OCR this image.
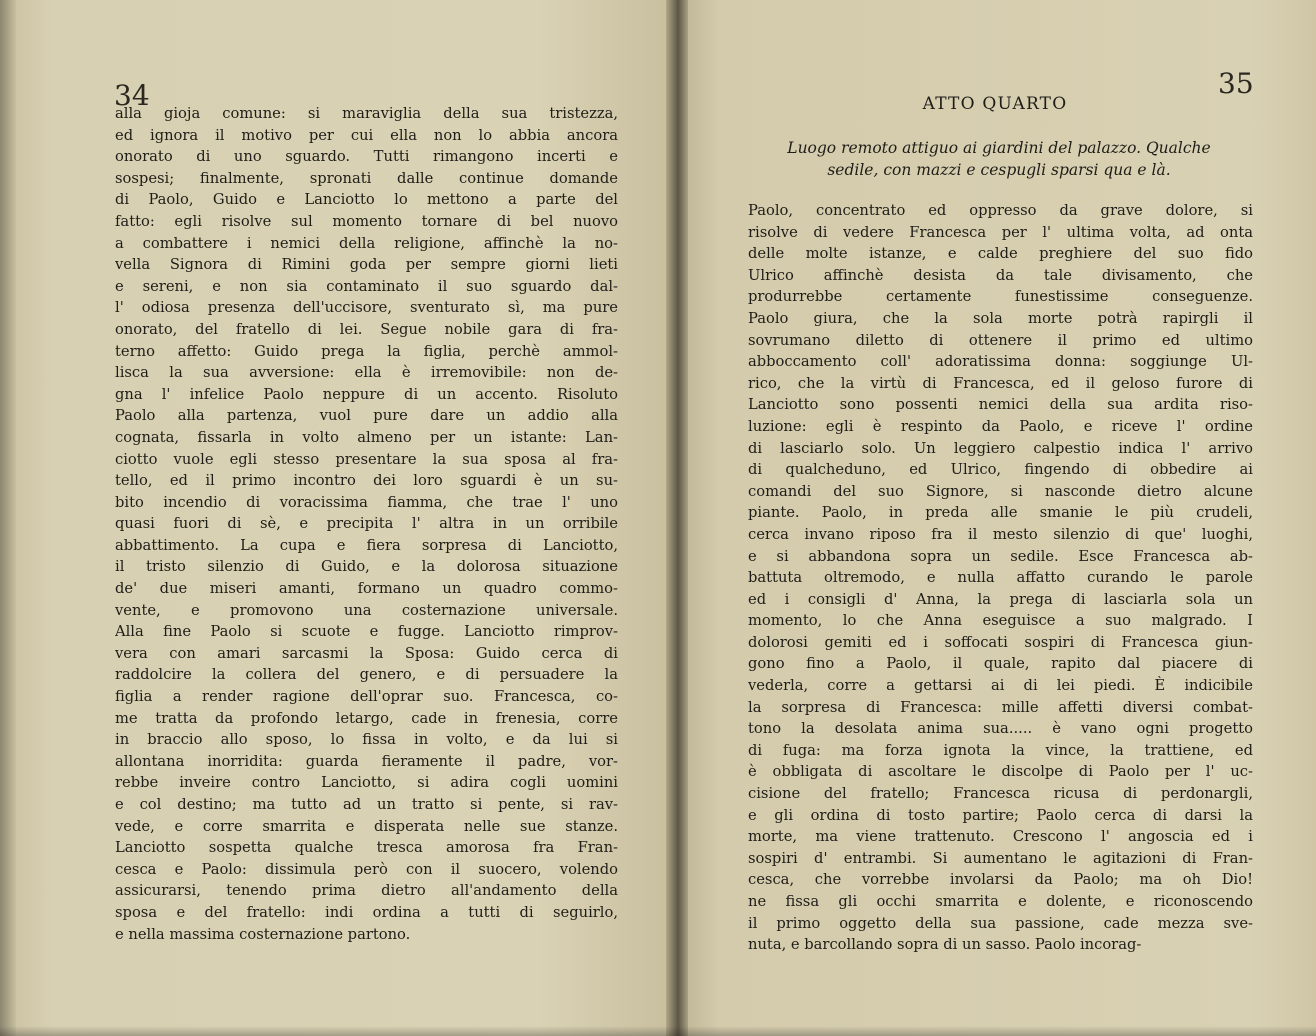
34
alla gioja comune: si maraviglia della sua tristezza,
ed ignora il motivo per cui ella non lo abbia ancora
onorato di uno sguardo. Tutti rimangono incerti e
sospesi; finalmente, spronati dalle continue domande
di Paolo, Guido e Lanciotto lo mettono a parte del
fatto: egli risolve sul momento tornare di bel nuovo
a combattere i nemici della religione, affinchè la no-
vella Signora di Rimini goda per sempre giorni lieti
e sereni, e non sia contaminato il suo sguardo dal-
l' odiosa presenza dell'uccisore, sventurato sì, ma pure
onorato, del fratello di lei. Segue nobile gara di fra-
terno affetto: Guido prega la figlia, perchè ammol-
lisca la sua avversione: ella è irremovibile: non de-
gna l' infelice Paolo neppure di un accento. Risoluto
Paolo alla partenza, vuol pure dare un addio alla
cognata, fissarla in volto almeno per un istante: Lan-
ciotto vuole egli stesso presentare la sua sposa al fra-
tello, ed il primo incontro dei loro sguardi è un su-
bito incendio di voracissima fiamma, che trae l' uno
quasi fuori di sè, e precipita l' altra in un orribile
abbattimento. La cupa e fiera sorpresa di Lanciotto,
il tristo silenzio di Guido, e la dolorosa situazione
de' due miseri amanti, formano un quadro commo-
vente, e promovono una costernazione universale.
Alla fine Paolo si scuote e fugge. Lanciotto rimprov-
vera con amari sarcasmi la Sposa: Guido cerca di
raddolcire la collera del genero, e di persuadere la
figlia a render ragione dell'oprar suo. Francesca, co-
me tratta da profondo letargo, cade in frenesia, corre
in braccio allo sposo, lo fissa in volto, e da lui si
allontana inorridita: guarda fieramente il padre, vor-
rebbe inveire contro Lanciotto, si adira cogli uomini
e col destino; ma tutto ad un tratto si pente, si rav-
vede, e corre smarrita e disperata nelle sue stanze.
Lanciotto sospetta qualche tresca amorosa fra Fran-
cesca e Paolo: dissimula però con il suocero, volendo
assicurarsi, tenendo prima dietro all'andamento della
sposa e del fratello: indi ordina a tutti di seguirlo,
e nella massima costernazione partono.
35
ATTO QUARTO
Luogo remoto attiguo ai giardini del palazzo. Qualche
sedile, con mazzi e cespugli sparsi qua e là.
Paolo, concentrato ed oppresso da grave dolore, si
risolve di vedere Francesca per l' ultima volta, ad onta
delle molte istanze, e calde preghiere del suo fido
Ulrico affinchè desista da tale divisamento, che
produrrebbe certamente funestissime conseguenze.
Paolo giura, che la sola morte potrà rapirgli il
sovrumano diletto di ottenere il primo ed ultimo
abboccamento coll' adoratissima donna: soggiunge Ul-
rico, che la virtù di Francesca, ed il geloso furore di
Lanciotto sono possenti nemici della sua ardita riso-
luzione: egli è respinto da Paolo, e riceve l' ordine
di lasciarlo solo. Un leggiero calpestio indica l' arrivo
di qualcheduno, ed Ulrico, fingendo di obbedire ai
comandi del suo Signore, si nasconde dietro alcune
piante. Paolo, in preda alle smanie le più crudeli,
cerca invano riposo fra il mesto silenzio di que' luoghi,
e si abbandona sopra un sedile. Esce Francesca ab-
battuta oltremodo, e nulla affatto curando le parole
ed i consigli d' Anna, la prega di lasciarla sola un
momento, lo che Anna eseguisce a suo malgrado. I
dolorosi gemiti ed i soffocati sospiri di Francesca giun-
gono fino a Paolo, il quale, rapito dal piacere di
vederla, corre a gettarsi ai di lei piedi. È indicibile
la sorpresa di Francesca: mille affetti diversi combat-
tono la desolata anima sua..... è vano ogni progetto
di fuga: ma forza ignota la vince, la trattiene, ed
è obbligata di ascoltare le discolpe di Paolo per l' uc-
cisione del fratello; Francesca ricusa di perdonargli,
e gli ordina di tosto partire; Paolo cerca di darsi la
morte, ma viene trattenuto. Crescono l' angoscia ed i
sospiri d' entrambi. Si aumentano le agitazioni di Fran-
cesca, che vorrebbe involarsi da Paolo; ma oh Dio!
ne fissa gli occhi smarrita e dolente, e riconoscendo
il primo oggetto della sua passione, cade mezza sve-
nuta, e barcollando sopra di un sasso. Paolo incorag-
